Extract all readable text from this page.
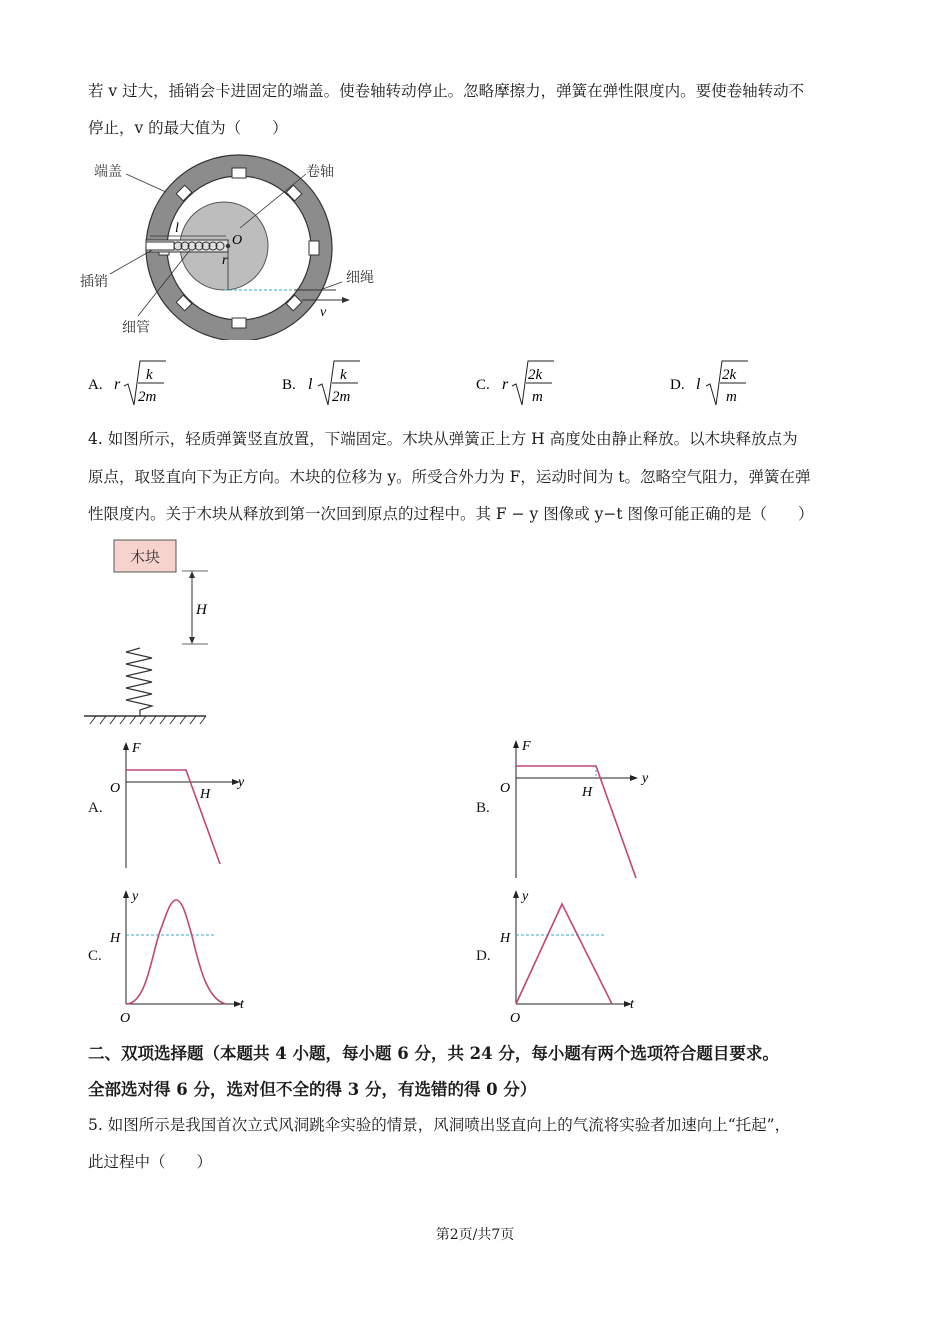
若 v 过大，插销会卡进固定的端盖。使卷轴转动停止。忽略摩擦力，弹簧在弹性限度内。要使卷轴转动不
停止，v 的最大值为（　　）
端盖	卷轴
插销
细管
细绳
l
O
r
v
A. r
k
2m
B. l
k
2m
C. r
2k
m
D. l
2k
m
4. 如图所示，轻质弹簧竖直放置，下端固定。木块从弹簧正上方 H 高度处由静止释放。以木块释放点为
原点，取竖直向下为正方向。木块的位移为 y。所受合外力为 F，运动时间为 t。忽略空气阻力，弹簧在弹
性限度内。关于木块从释放到第一次回到原点的过程中。其 F − y 图像或 y−t 图像可能正确的是（　　）
木块
H
A.
F
y
O	H
B.
F
y
O	H
C.
y
t
O
H
D.
y
t
O
H
二、双项选择题（本题共 4 小题，每小题 6 分，共 24 分，每小题有两个选项符合题目要求。
全部选对得 6 分，选对但不全的得 3 分，有选错的得 0 分）
5. 如图所示是我国首次立式风洞跳伞实验的情景，风洞喷出竖直向上的气流将实验者加速向上“托起”，
此过程中（　　）
第2页/共7页
